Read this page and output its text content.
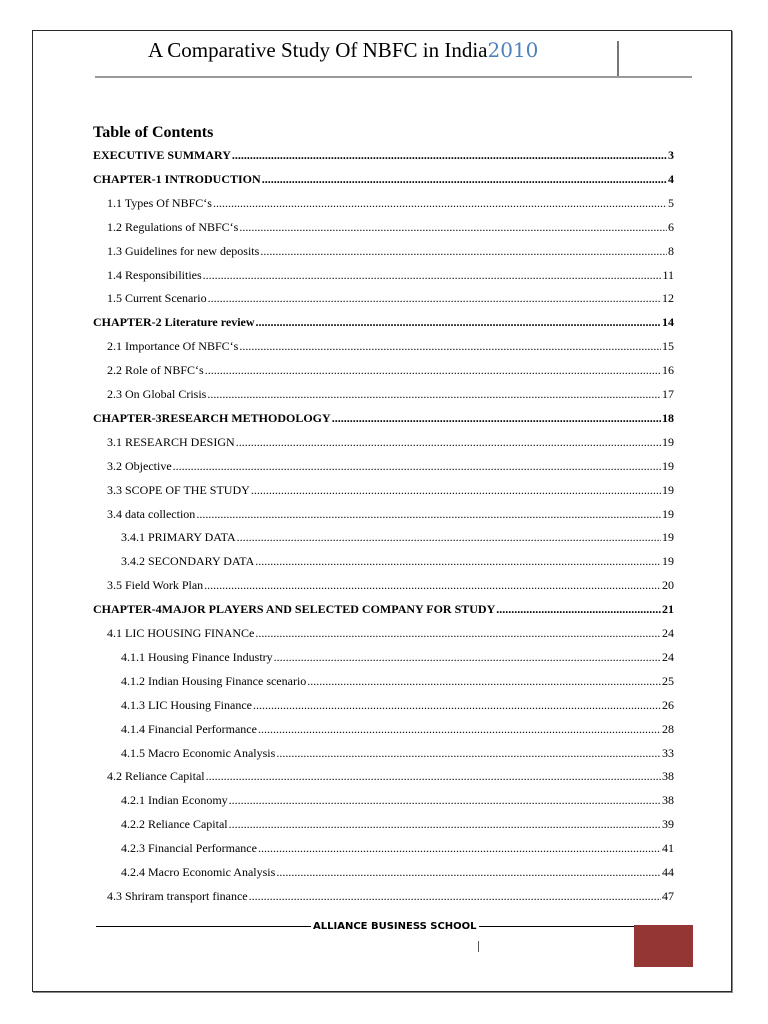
A Comparative Study Of NBFC in India2010
Table of Contents
EXECUTIVE SUMMARY .....	3
CHAPTER-1 INTRODUCTION .....	4
1.1 Types Of NBFC‘s .....	5
1.2 Regulations of NBFC‘s .....	6
1.3 Guidelines for new deposits .....	8
1.4 Responsibilities .....	11
1.5 Current Scenario .....	12
CHAPTER-2 Literature review .....	14
2.1 Importance Of NBFC‘s .....	15
2.2 Role of NBFC‘s .....	16
2.3 On Global Crisis .....	17
CHAPTER-3RESEARCH METHODOLOGY .....	18
3.1 RESEARCH DESIGN .....	19
3.2 Objective .....	19
3.3 SCOPE OF THE STUDY .....	19
3.4 data collection .....	19
3.4.1 PRIMARY DATA .....	19
3.4.2 SECONDARY DATA .....	19
3.5 Field Work Plan .....	20
CHAPTER-4MAJOR PLAYERS AND SELECTED COMPANY FOR STUDY .....	21
4.1 LIC HOUSING FINANCe .....	24
4.1.1 Housing Finance Industry .....	24
4.1.2 Indian Housing Finance scenario .....	25
4.1.3 LIC Housing Finance .....	26
4.1.4 Financial Performance .....	28
4.1.5 Macro Economic Analysis .....	33
4.2 Reliance Capital .....	38
4.2.1 Indian Economy .....	38
4.2.2 Reliance Capital .....	39
4.2.3 Financial Performance .....	41
4.2.4 Macro Economic Analysis .....	44
4.3 Shriram transport finance .....	47
ALLIANCE BUSINESS SCHOOL
